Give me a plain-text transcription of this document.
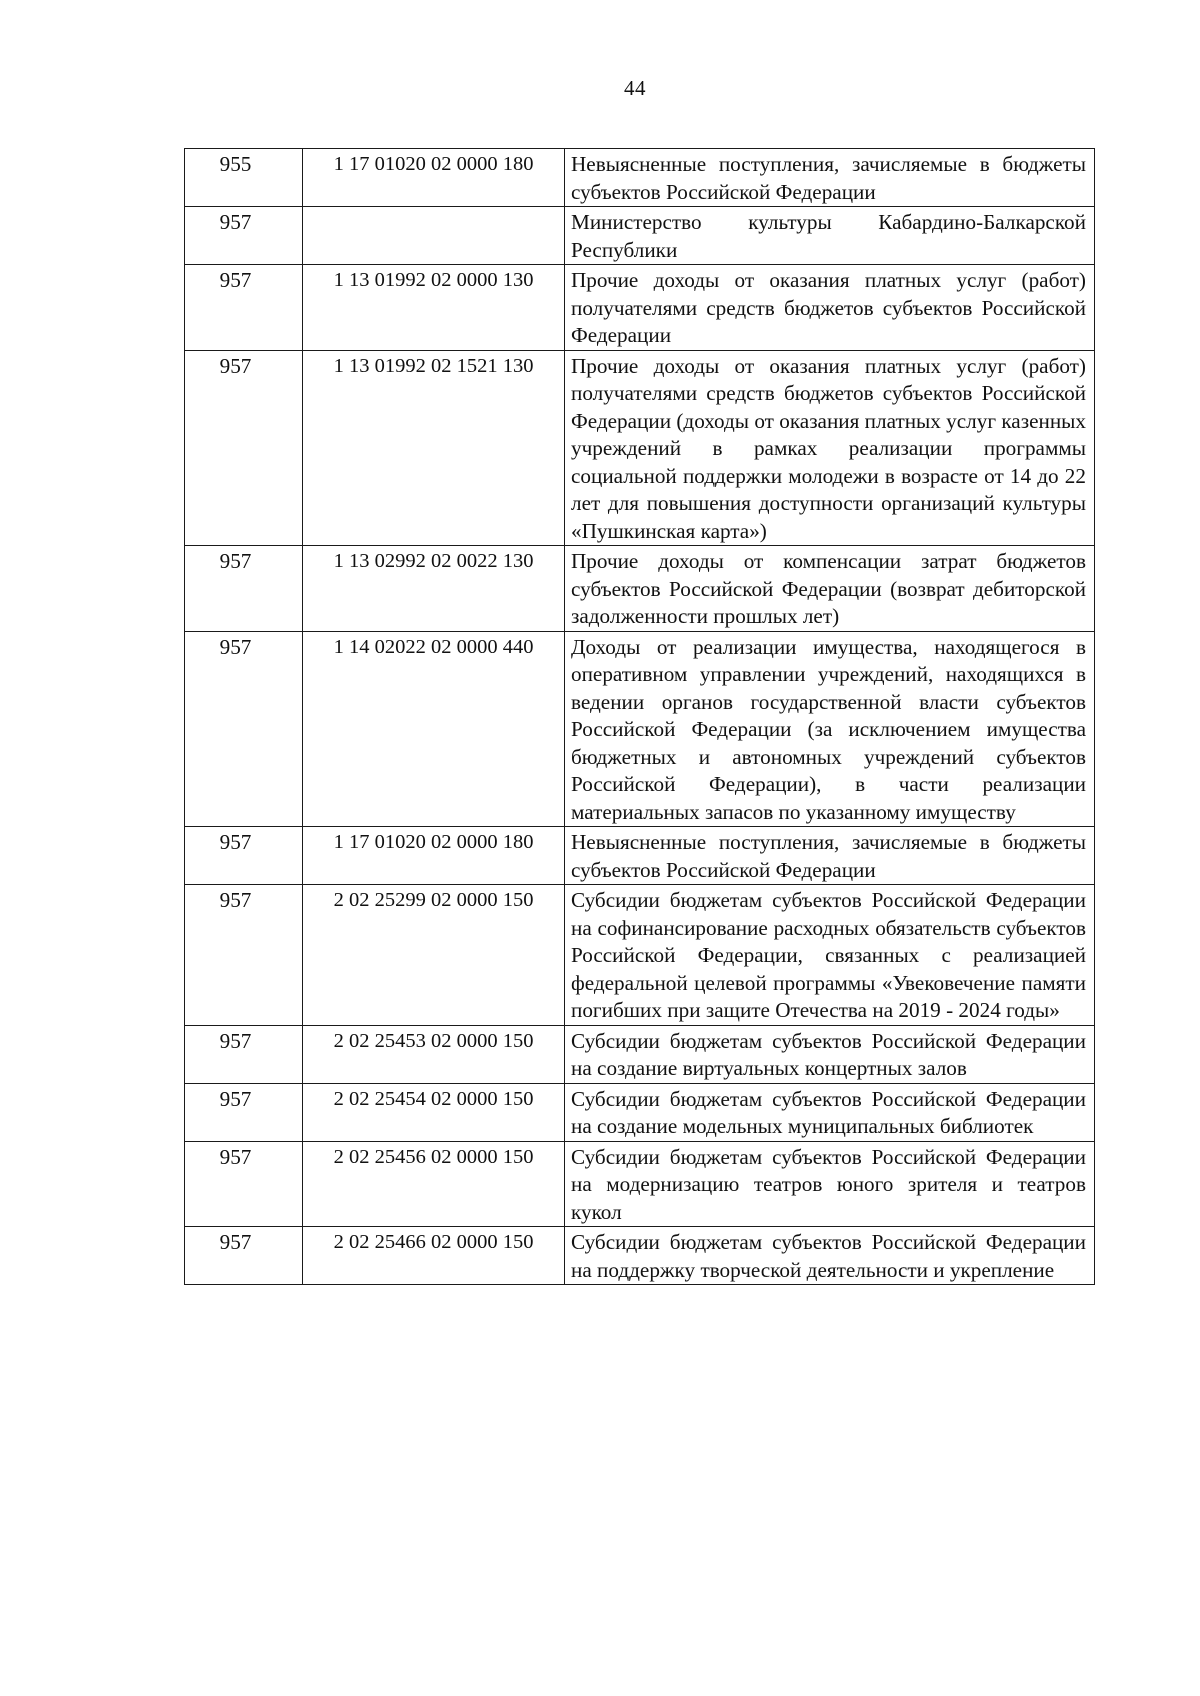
44
955	1 17 01020 02 0000 180	Невыясненные поступления, зачисляемые в бюджеты субъектов Российской Федерации
957		Министерство культуры Кабардино-Балкарской Республики
957	1 13 01992 02 0000 130	Прочие доходы от оказания платных услуг (работ) получателями средств бюджетов субъектов Российской Федерации
957	1 13 01992 02 1521 130	Прочие доходы от оказания платных услуг (работ) получателями средств бюджетов субъектов Российской Федерации (доходы от оказания платных услуг казенных учреждений в рамках реализации программы социальной поддержки молодежи в возрасте от 14 до 22 лет для повышения доступности организаций культуры «Пушкинская карта»)
957	1 13 02992 02 0022 130	Прочие доходы от компенсации затрат бюджетов субъектов Российской Федерации (возврат дебиторской задолженности прошлых лет)
957	1 14 02022 02 0000 440	Доходы от реализации имущества, находящегося в оперативном управлении учреждений, находящихся в ведении органов государственной власти субъектов Российской Федерации (за исключением имущества бюджетных и автономных учреждений субъектов Российской Федерации), в части реализации материальных запасов по указанному имуществу
957	1 17 01020 02 0000 180	Невыясненные поступления, зачисляемые в бюджеты субъектов Российской Федерации
957	2 02 25299 02 0000 150	Субсидии бюджетам субъектов Российской Федерации на софинансирование расходных обязательств субъектов Российской Федерации, связанных с реализацией федеральной целевой программы «Увековечение памяти погибших при защите Отечества на 2019 - 2024 годы»
957	2 02 25453 02 0000 150	Субсидии бюджетам субъектов Российской Федерации на создание виртуальных концертных залов
957	2 02 25454 02 0000 150	Субсидии бюджетам субъектов Российской Федерации на создание модельных муниципальных библиотек
957	2 02 25456 02 0000 150	Субсидии бюджетам субъектов Российской Федерации на модернизацию театров юного зрителя и театров кукол
957	2 02 25466 02 0000 150	Субсидии бюджетам субъектов Российской Федерации на поддержку творческой деятельности и укрепление
